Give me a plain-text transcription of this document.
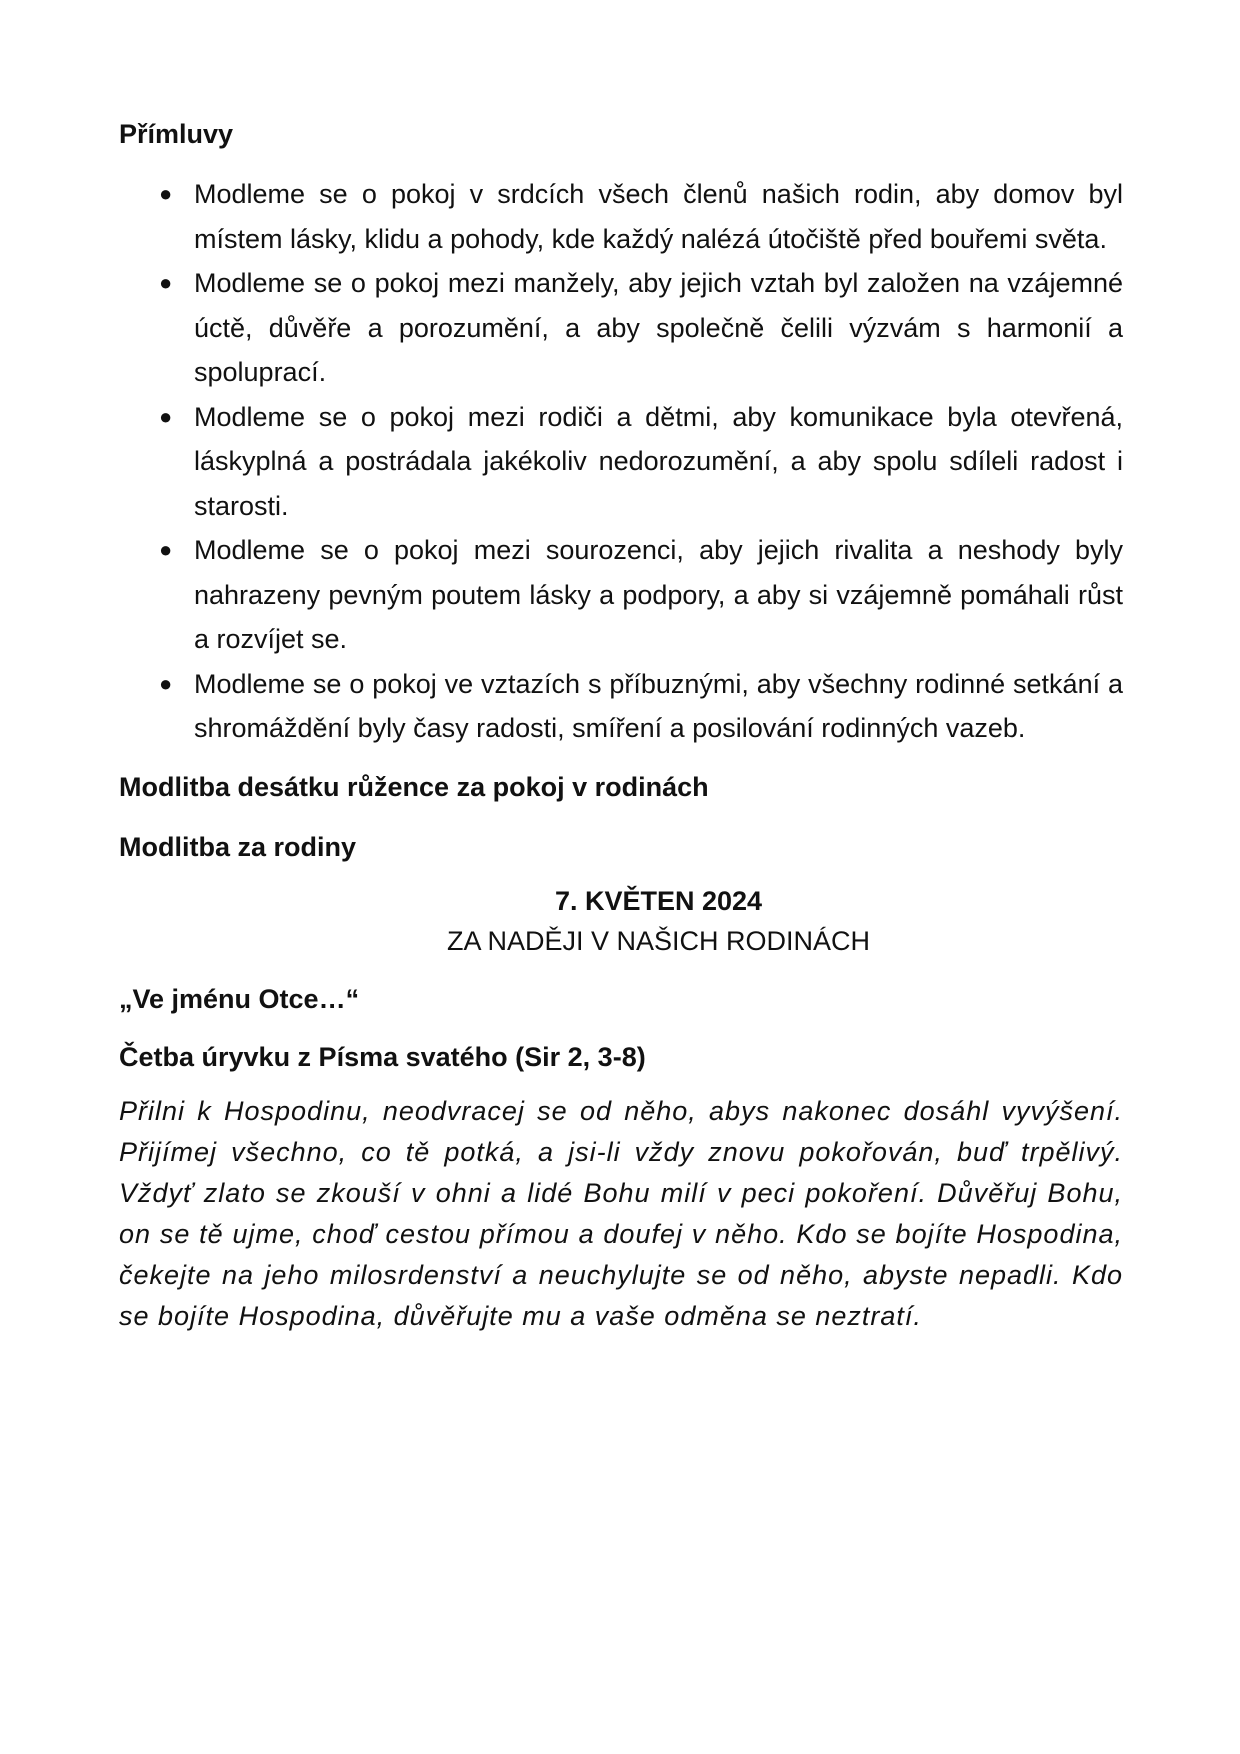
Přímluvy

● Modleme se o pokoj v srdcích všech členů našich rodin, aby domov byl místem lásky, klidu a pohody, kde každý nalézá útočiště před bouřemi světa.
● Modleme se o pokoj mezi manžely, aby jejich vztah byl založen na vzájemné úctě, důvěře a porozumění, a aby společně čelili výzvám s harmonií a spoluprací.
● Modleme se o pokoj mezi rodiči a dětmi, aby komunikace byla otevřená, láskyplná a postrádala jakékoliv nedorozumění, a aby spolu sdíleli radost i starosti.
● Modleme se o pokoj mezi sourozenci, aby jejich rivalita a neshody byly nahrazeny pevným poutem lásky a podpory, a aby si vzájemně pomáhali růst a rozvíjet se.
● Modleme se o pokoj ve vztazích s příbuznými, aby všechny rodinné setkání a shromáždění byly časy radosti, smíření a posilování rodinných vazeb.

Modlitba desátku růžence za pokoj v rodinách

Modlitba za rodiny

7. KVĚTEN 2024
ZA NADĚJI V NAŠICH RODINÁCH

„Ve jménu Otce…“

Četba úryvku z Písma svatého (Sir 2, 3-8)

Přilni k Hospodinu, neodvracej se od něho, abys nakonec dosáhl vyvýšení. Přijímej všechno, co tě potká, a jsi-li vždy znovu pokořován, buď trpělivý. Vždyť zlato se zkouší v ohni a lidé Bohu milí v peci pokoření. Důvěřuj Bohu, on se tě ujme, choď cestou přímou a doufej v něho. Kdo se bojíte Hospodina, čekejte na jeho milosrdenství a neuchylujte se od něho, abyste nepadli. Kdo se bojíte Hospodina, důvěřujte mu a vaše odměna se neztratí.
